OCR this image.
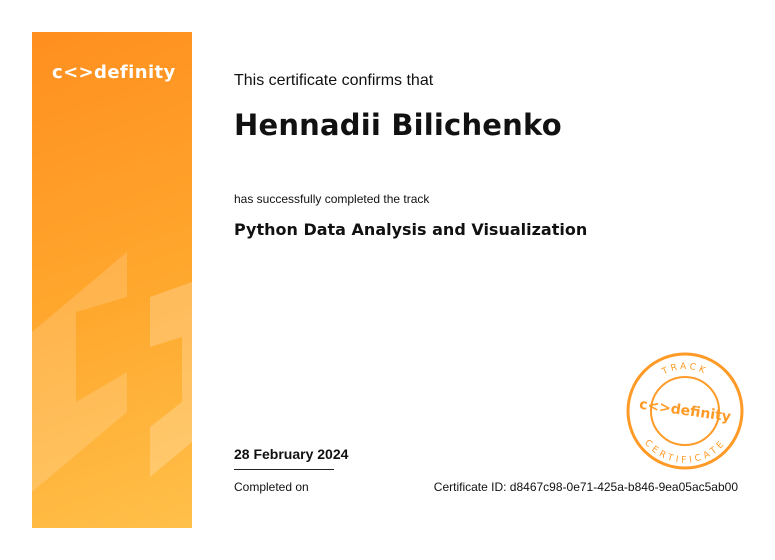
c<>definity	This certificate confirms that
Hennadii Bilichenko
has successfully completed the track
Python Data Analysis and Visualization
28 February 2024
Completed on	Certificate ID: d8467c98-0e71-425a-b846-9ea05ac5ab00
TRACK
CERTIFICATE
c<>definity
